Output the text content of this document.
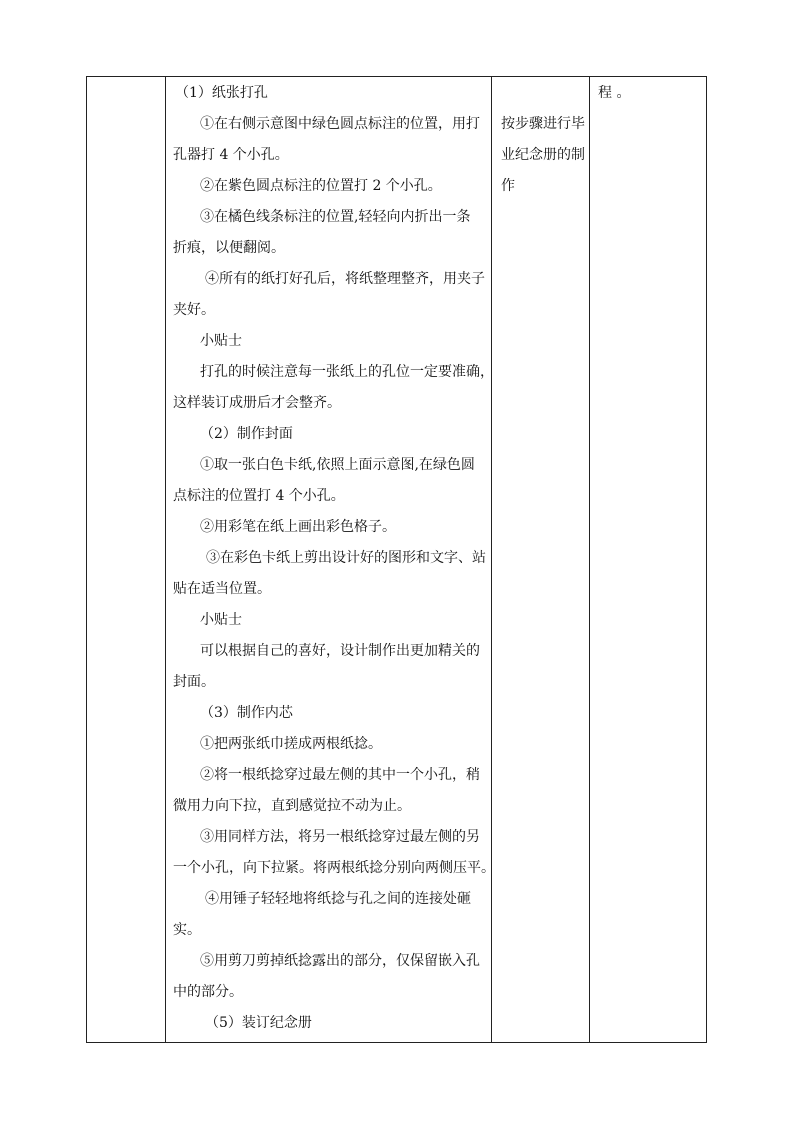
（1）纸张打孔
①在右侧示意图中绿色圆点标注的位置，用打
孔器打 4 个小孔。
②在紫色圆点标注的位置打 2 个小孔。
③在橘色线条标注的位置,轻轻向内折出一条
折痕，以便翻阅。
④所有的纸打好孔后，将纸整理整齐，用夹子
夹好。
小贴士
打孔的时候注意每一张纸上的孔位一定要准确，
这样装订成册后才会整齐。
（2）制作封面
①取一张白色卡纸,依照上面示意图,在绿色圆
点标注的位置打 4 个小孔。
②用彩笔在纸上画出彩色格子。
③在彩色卡纸上剪出设计好的图形和文字、站
贴在适当位置。
小贴士
可以根据自己的喜好，设计制作出更加精关的
封面。
（3）制作内芯
①把两张纸巾搓成两根纸捻。
②将一根纸捻穿过最左侧的其中一个小孔，稍
微用力向下拉，直到感觉拉不动为止。
③用同样方法，将另一根纸捻穿过最左侧的另
一个小孔，向下拉紧。将两根纸捻分别向两侧压平。
④用锤子轻轻地将纸捻与孔之间的连接处砸
实。
⑤用剪刀剪掉纸捻露出的部分，仅保留嵌入孔
中的部分。
（5）装订纪念册
按步骤进行毕
业纪念册的制
作
程 。
